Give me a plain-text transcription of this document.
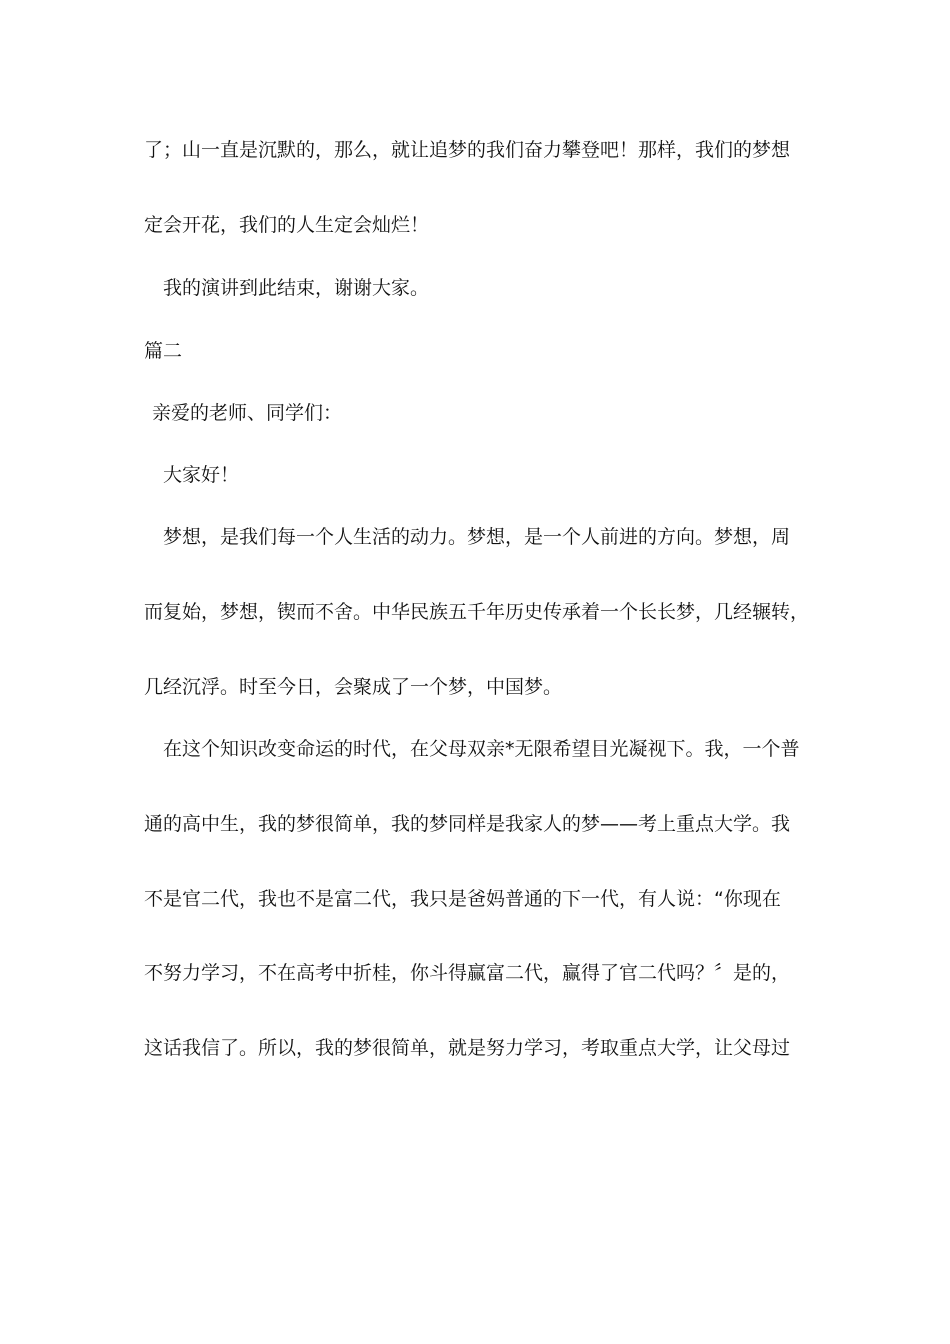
了；山一直是沉默的，那么，就让追梦的我们奋力攀登吧！那样，我们的梦想
定会开花，我们的人生定会灿烂！
我的演讲到此结束，谢谢大家。
篇二
亲爱的老师、同学们：
大家好！
梦想，是我们每一个人生活的动力。梦想，是一个人前进的方向。梦想，周
而复始，梦想，锲而不舍。中华民族五千年历史传承着一个长长梦，几经辗转，
几经沉浮。时至今日，会聚成了一个梦，中国梦。
在这个知识改变命运的时代，在父母双亲*无限希望目光凝视下。我，一个普
通的高中生，我的梦很简单，我的梦同样是我家人的梦——考上重点大学。我
不是官二代，我也不是富二代，我只是爸妈普通的下一代，有人说：“你现在
不努力学习，不在高考中折桂，你斗得赢富二代，赢得了官二代吗？〞是的，
这话我信了。所以，我的梦很简单，就是努力学习，考取重点大学，让父母过
